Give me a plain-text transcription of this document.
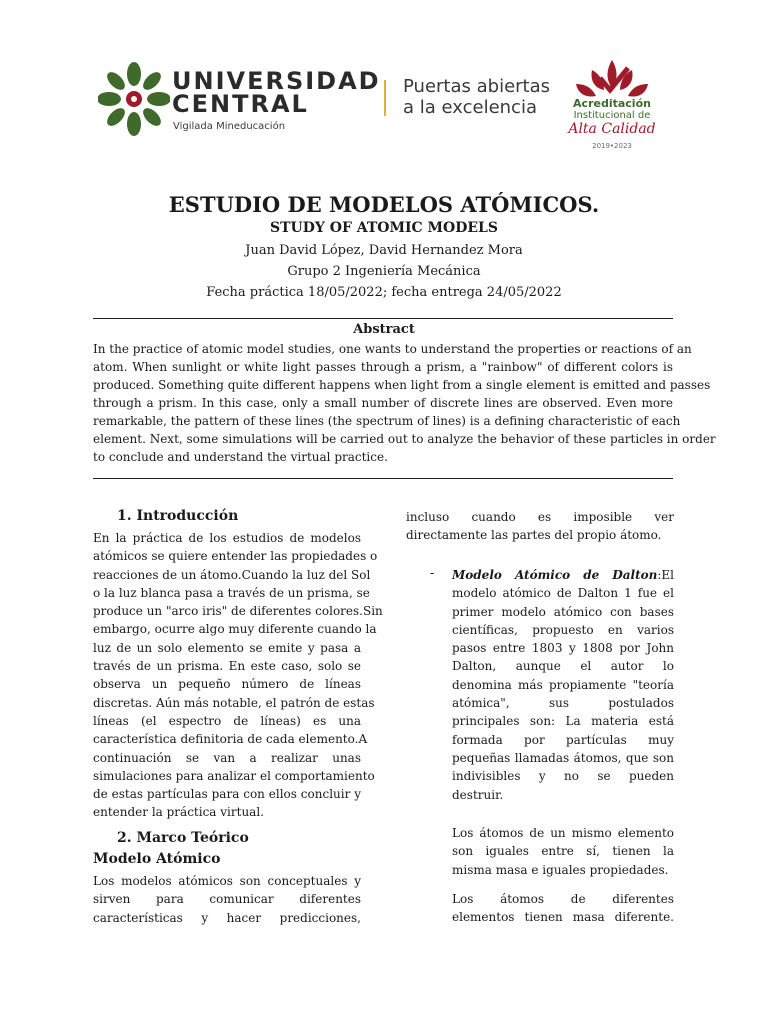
UNIVERSIDAD
CENTRAL
Vigilada Mineducación
Puertas abiertas
a la excelencia	Acreditación
Institucional de
Alta Calidad
2019•2023
ESTUDIO DE MODELOS ATÓMICOS.
STUDY OF ATOMIC MODELS
Juan David López, David Hernandez Mora
Grupo 2 Ingeniería Mecánica
Fecha práctica 18/05/2022; fecha entrega 24/05/2022
Abstract
In the practice of atomic model studies, one wants to understand the properties or reactions of an
atom. When sunlight or white light passes through a prism, a "rainbow" of different colors is
produced. Something quite different happens when light from a single element is emitted and passes
through a prism. In this case, only a small number of discrete lines are observed. Even more
remarkable, the pattern of these lines (the spectrum of lines) is a defining characteristic of each
element. Next, some simulations will be carried out to analyze the behavior of these particles in order
to conclude and understand the virtual practice.
1. Introducción
En la práctica de los estudios de modelos
atómicos se quiere entender las propiedades o
reacciones de un átomo.Cuando la luz del Sol
o la luz blanca pasa a través de un prisma, se
produce un "arco iris" de diferentes colores.Sin
embargo, ocurre algo muy diferente cuando la
luz de un solo elemento se emite y pasa a
través de un prisma. En este caso, solo se
observa un pequeño número de líneas
discretas. Aún más notable, el patrón de estas
líneas (el espectro de líneas) es una
característica definitoria de cada elemento.A
continuación se van a realizar unas
simulaciones para analizar el comportamiento
de estas partículas para con ellos concluir y
entender la práctica virtual.
2. Marco Teórico
Modelo Atómico
Los modelos atómicos son conceptuales y
sirven para comunicar diferentes
características y hacer predicciones,
incluso cuando es imposible ver
directamente las partes del propio átomo.
- Modelo Atómico de Dalton:El
modelo atómico de Dalton 1 fue el
primer modelo atómico con bases
científicas, propuesto en varios
pasos entre 1803 y 1808 por John
Dalton, aunque el autor lo
denomina más propiamente "teoría
atómica", sus postulados
principales son: La materia está
formada por partículas muy
pequeñas llamadas átomos, que son
indivisibles y no se pueden
destruir.
Los átomos de un mismo elemento
son iguales entre sí, tienen la
misma masa e iguales propiedades.
Los átomos de diferentes
elementos tienen masa diferente.
